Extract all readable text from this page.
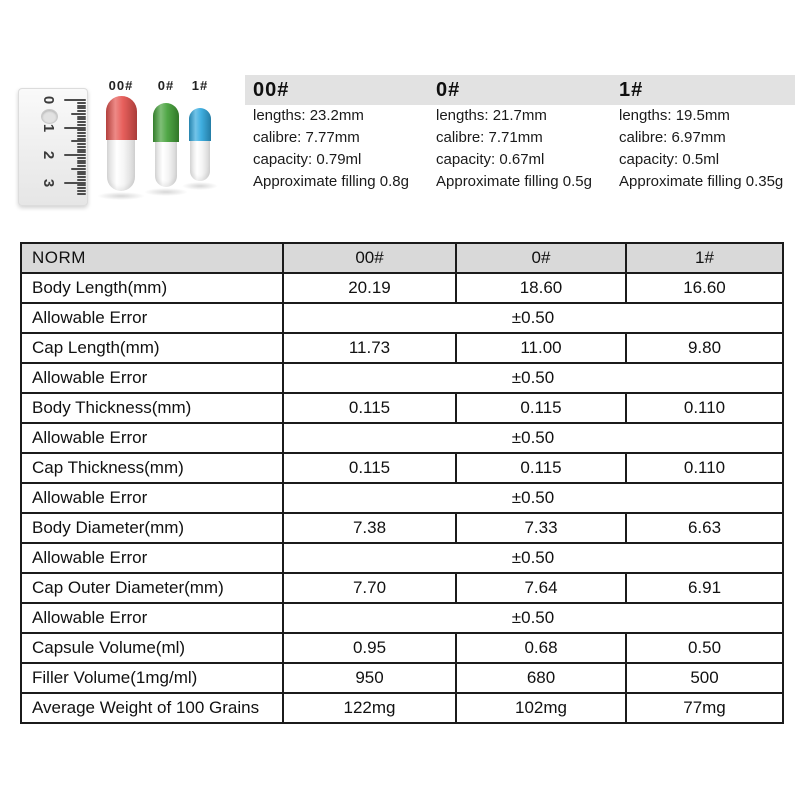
0
1
2
3
00#	0#	1#	00#
lengths: 23.2mm
calibre: 7.77mm
capacity: 0.79ml
Approximate filling 0.8g
0#
lengths: 21.7mm
calibre: 7.71mm
capacity: 0.67ml
Approximate filling 0.5g
1#
lengths: 19.5mm
calibre: 6.97mm
capacity: 0.5ml
Approximate filling 0.35g
NORM	00#	0#	1#
Body Length(mm)	20.19	18.60	16.60
Allowable Error	±0.50		
Cap Length(mm)	11.73	11.00	9.80
Allowable Error	±0.50		
Body Thickness(mm)	0.115	0.115	0.110
Allowable Error	±0.50		
Cap Thickness(mm)	0.115	0.115	0.110
Allowable Error	±0.50		
Body Diameter(mm)	7.38	7.33	6.63
Allowable Error	±0.50		
Cap Outer Diameter(mm)	7.70	7.64	6.91
Allowable Error	±0.50		
Capsule Volume(ml)	0.95	0.68	0.50
Filler Volume(1mg/ml)	950	680	500
Average Weight of 100 Grains	122mg	102mg	77mg
